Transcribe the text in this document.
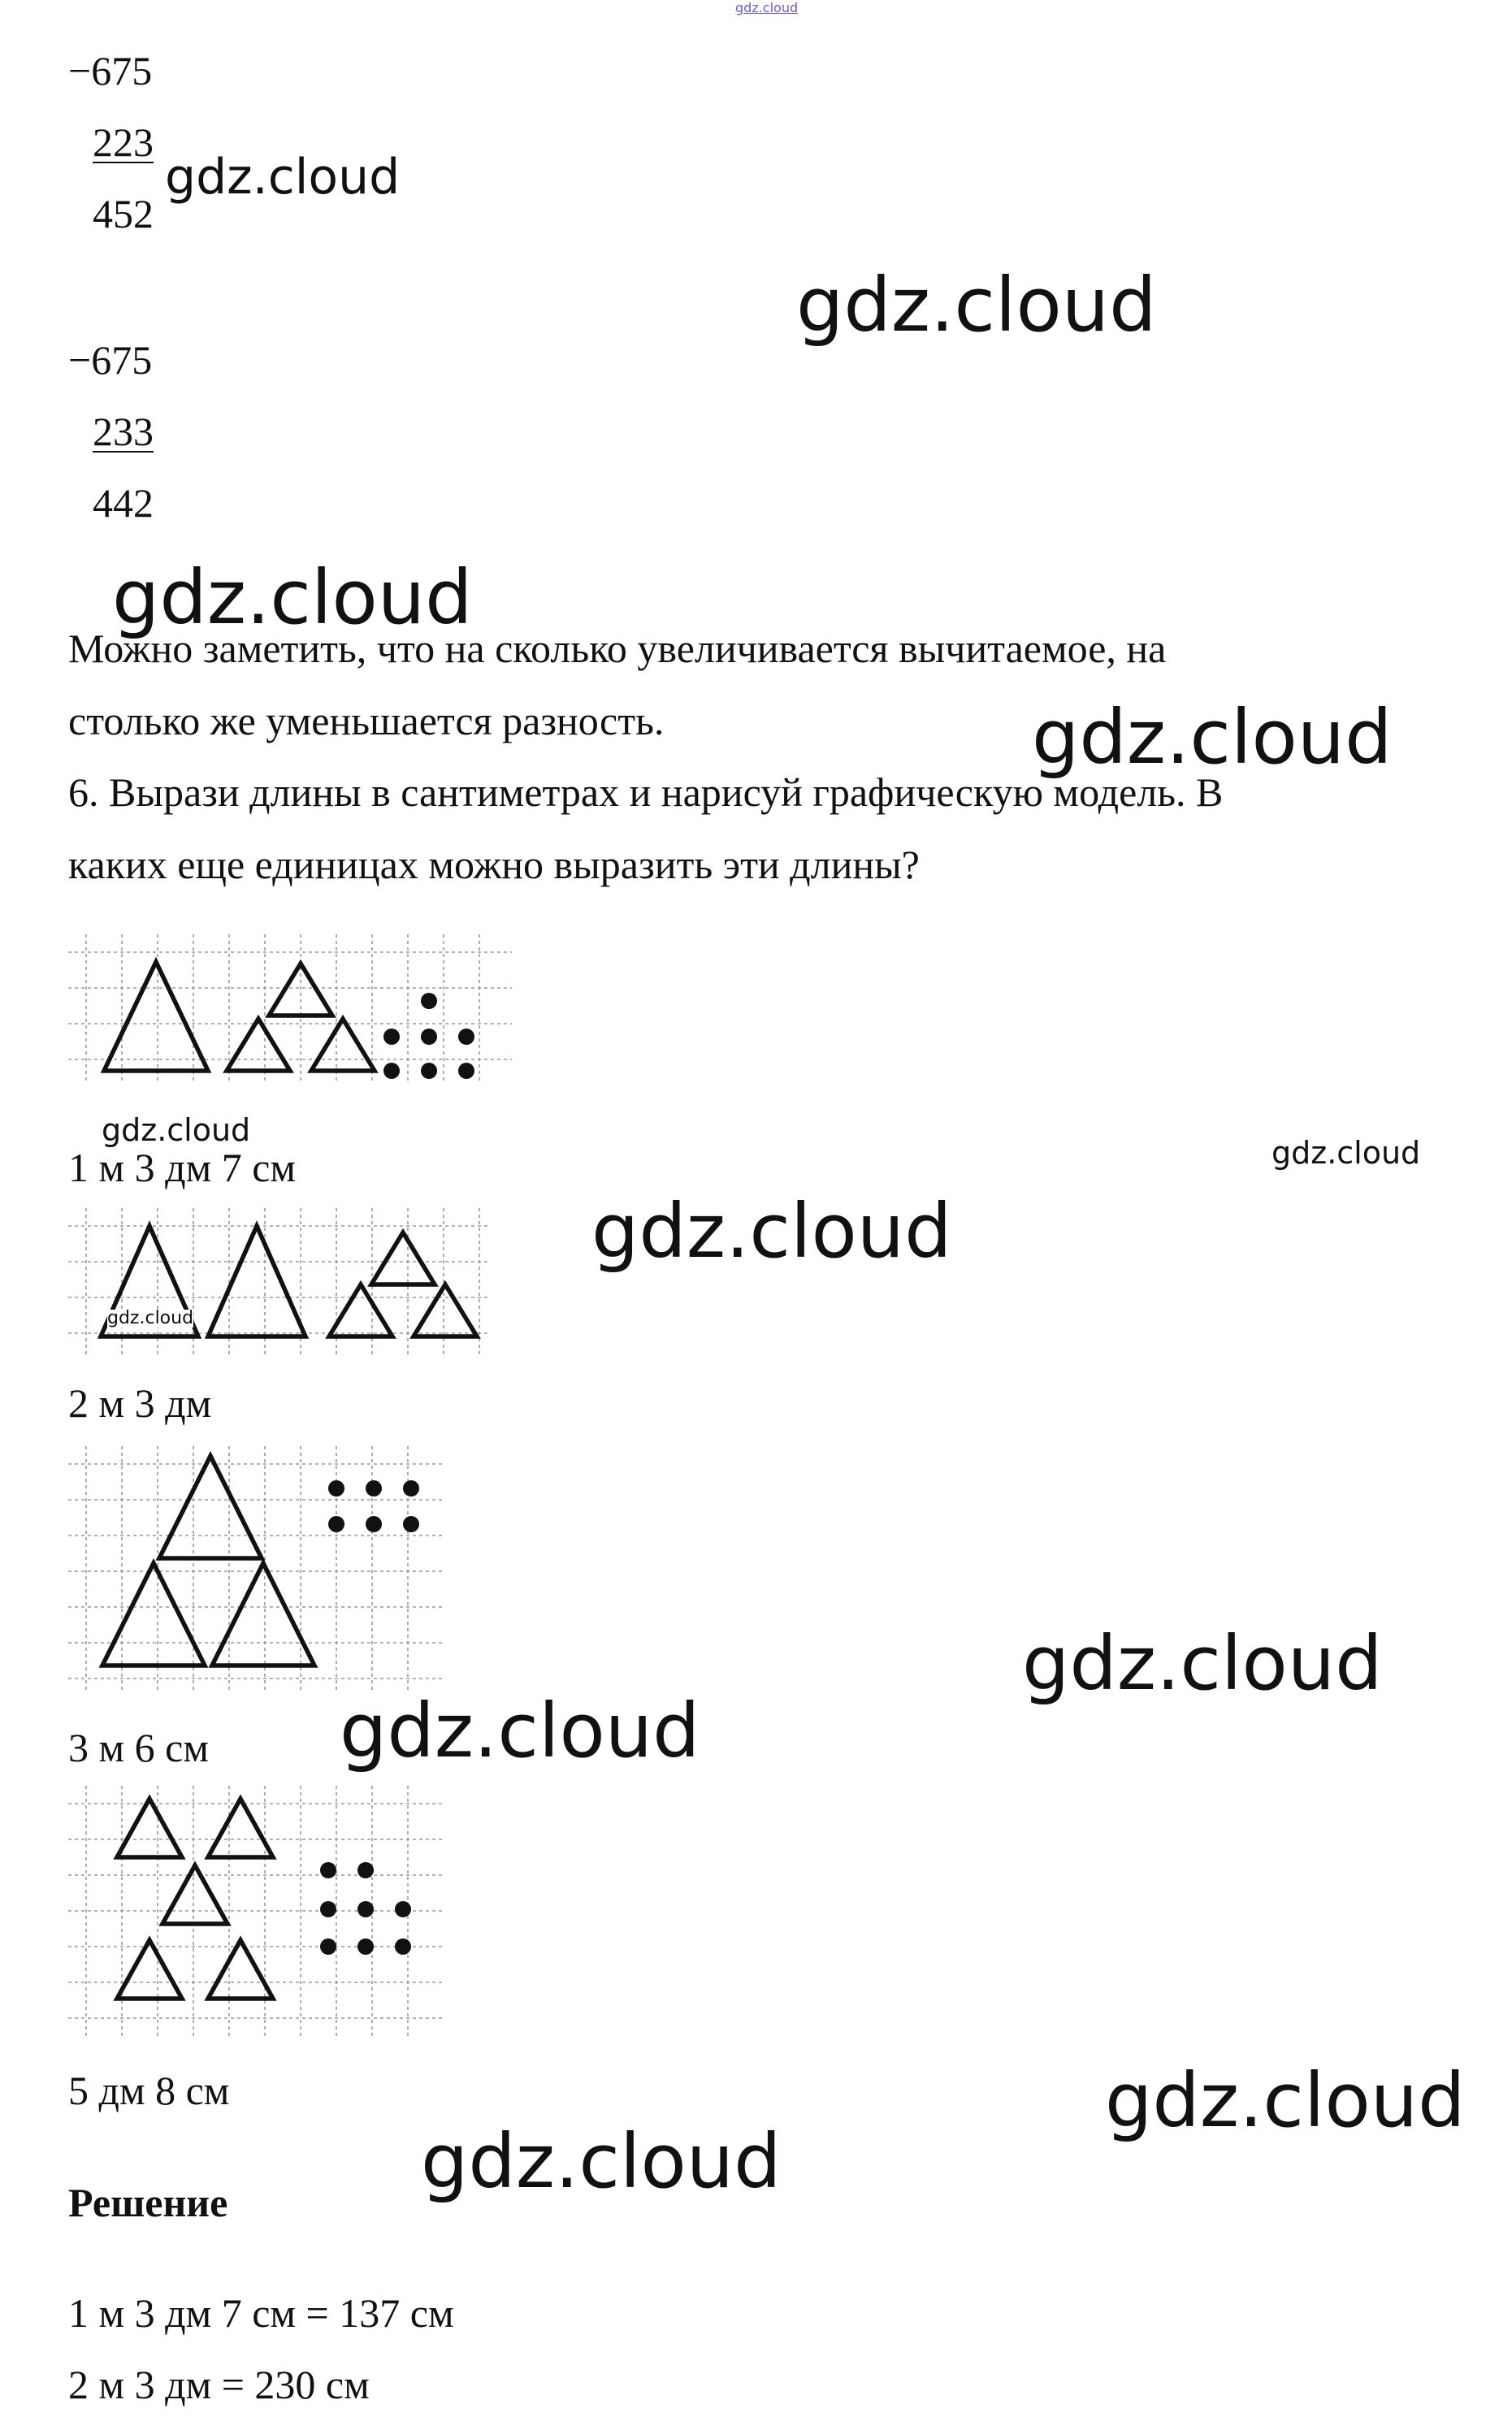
gdz.cloud
−675
223
452
gdz.cloud
gdz.cloud
−675
233
442
gdz.cloud
Можно заметить, что на сколько увеличивается вычитаемое, на
столько же уменьшается разность.	gdz.cloud
6. Вырази длины в сантиметрах и нарисуй графическую модель. В
каких еще единицах можно выразить эти длины?
gdz.cloud
1 м 3 дм 7 см	gdz.cloud
gdz.cloud
gdz.cloud
2 м 3 дм
gdz.cloud
3 м 6 см gdz.cloud
5 дм 8 см	gdz.cloud
gdz.cloud
Решение
1 м 3 дм 7 см = 137 см
2 м 3 дм = 230 см
